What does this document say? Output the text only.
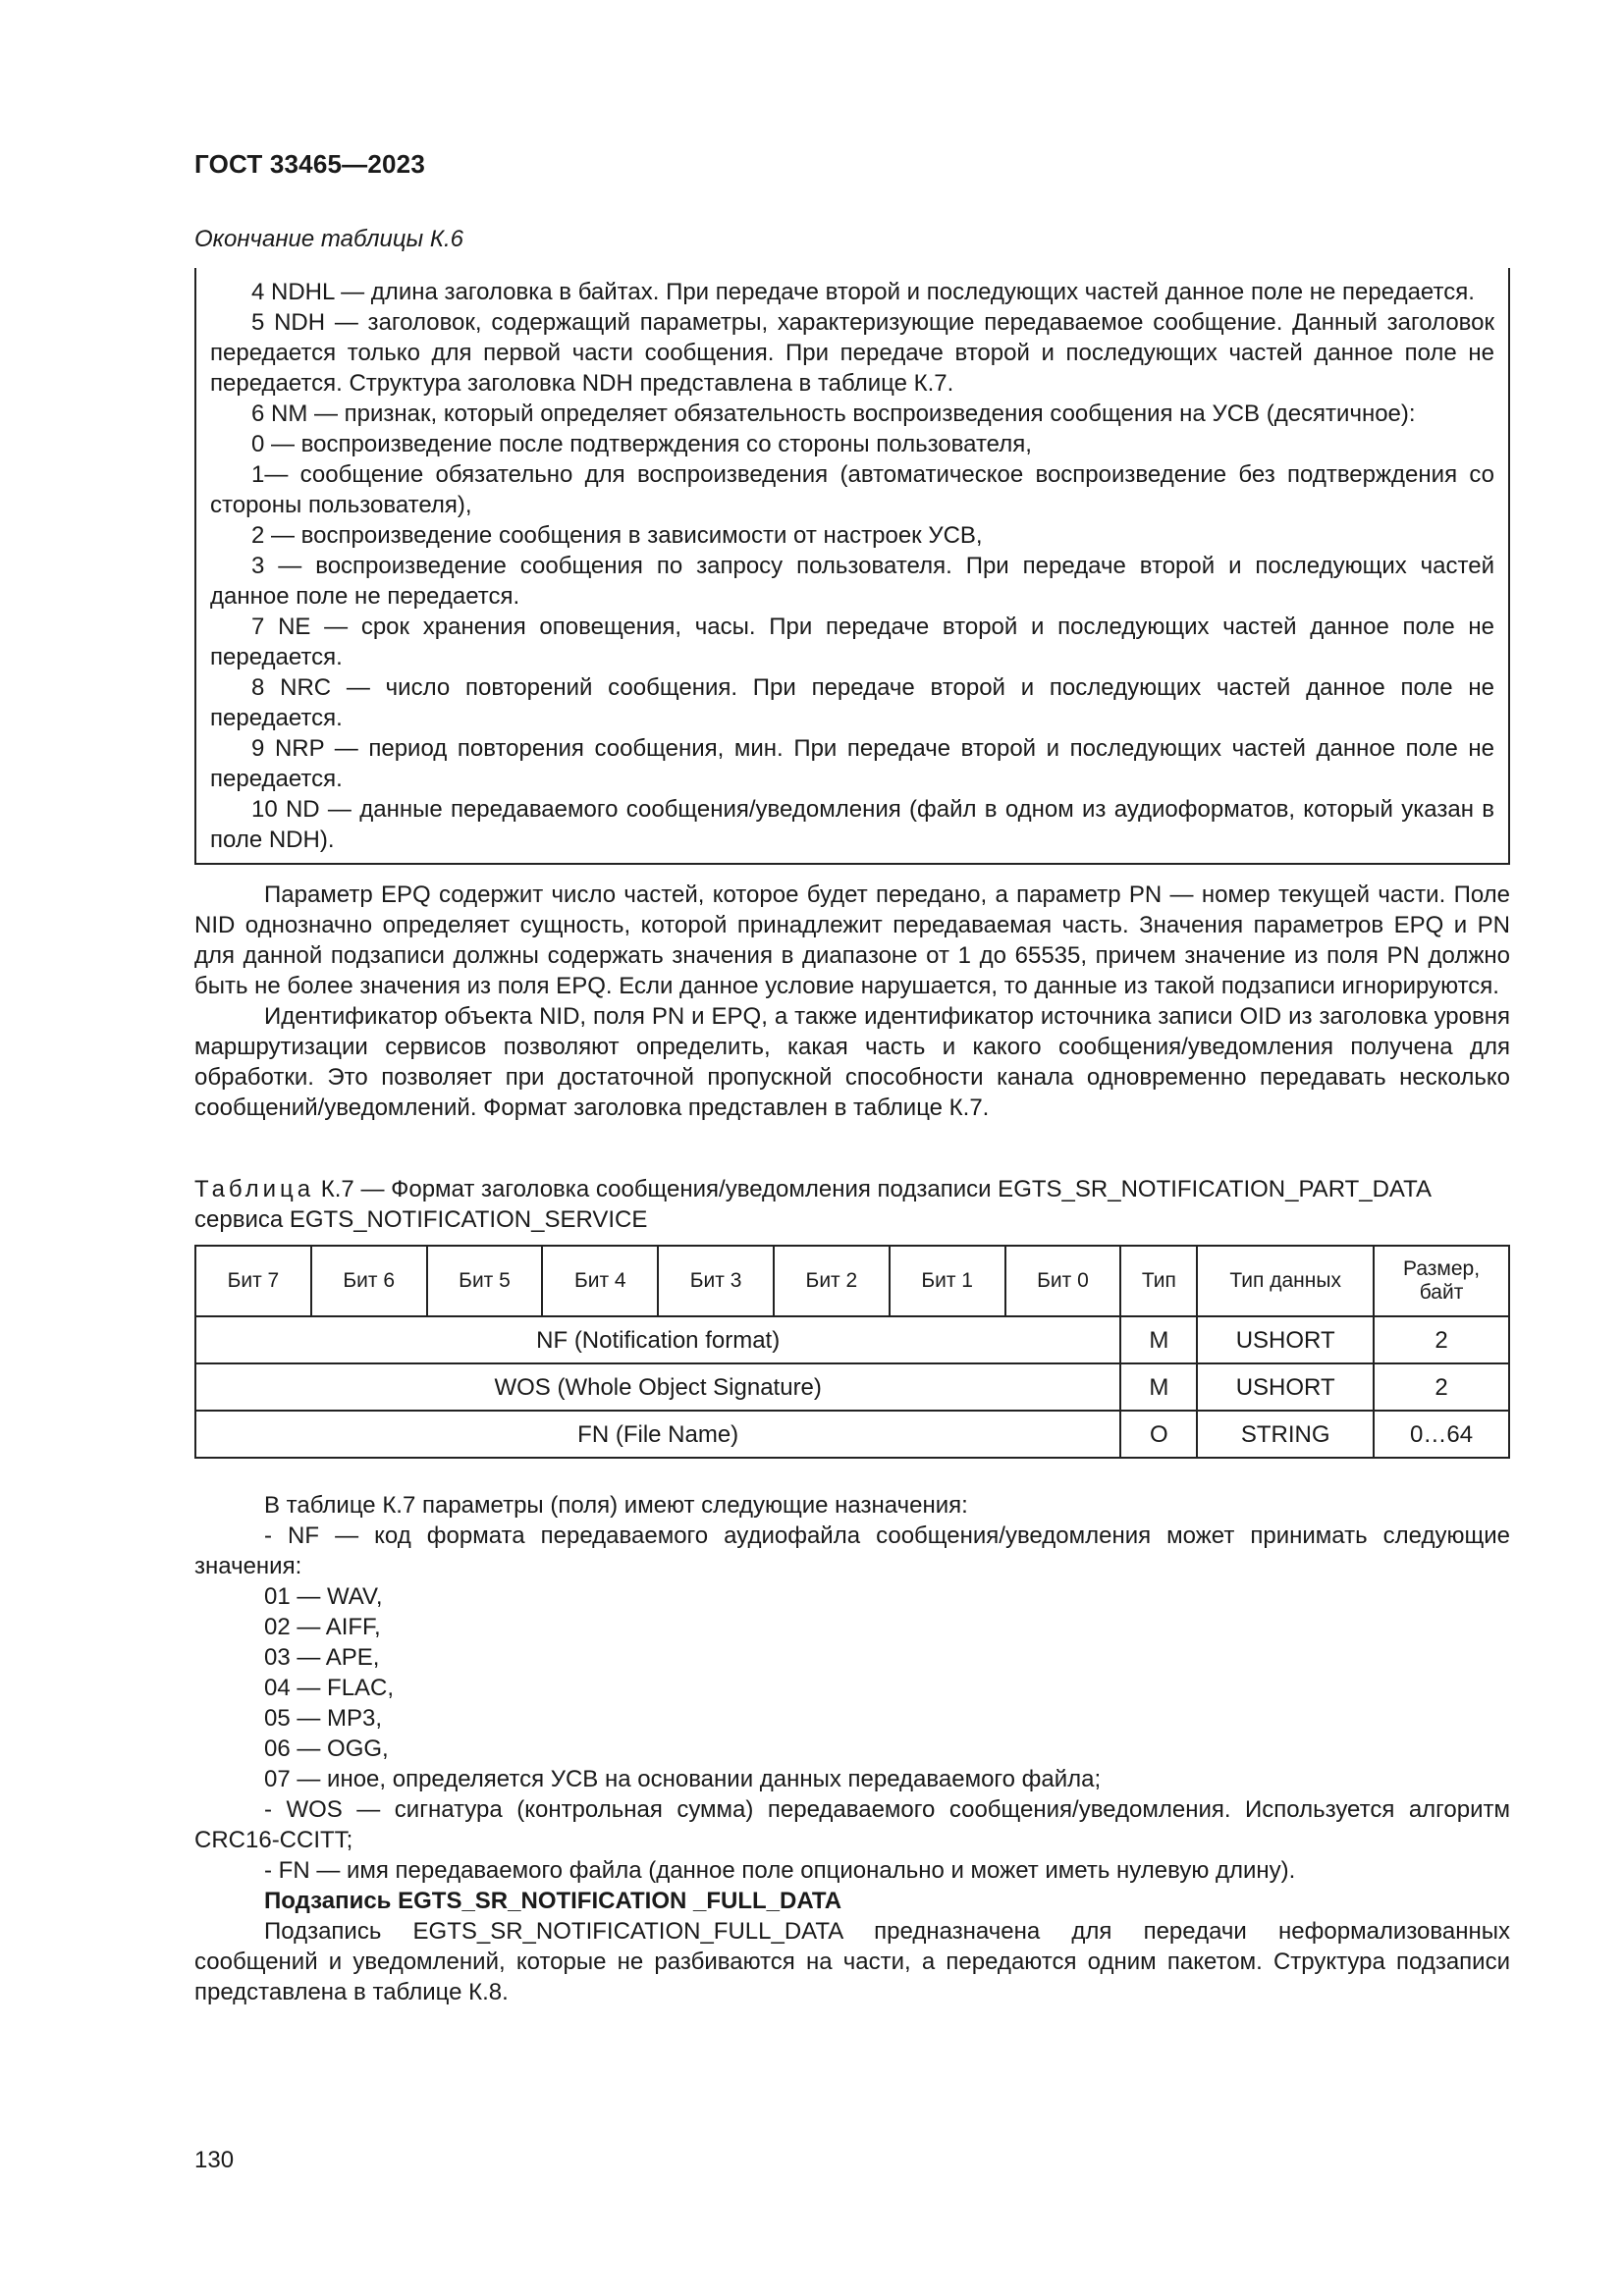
ГОСТ 33465—2023
Окончание таблицы К.6

4 NDHL — длина заголовка в байтах. При передаче второй и последующих частей данное поле не передается.

5 NDH — заголовок, содержащий параметры, характеризующие передаваемое сообщение. Данный заголовок передается только для первой части сообщения. При передаче второй и последующих частей данное поле не передается. Структура заголовка NDH представлена в таблице К.7.

6 NM — признак, который определяет обязательность воспроизведения сообщения на УСВ (десятичное):

0 — воспроизведение после подтверждения со стороны пользователя,

1— сообщение обязательно для воспроизведения (автоматическое воспроизведение без подтверждения со стороны пользователя),

2 — воспроизведение сообщения в зависимости от настроек УСВ,

3 — воспроизведение сообщения по запросу пользователя. При передаче второй и последующих частей данное поле не передается.

7 NE — срок хранения оповещения, часы. При передаче второй и последующих частей данное поле не передается.

8 NRC — число повторений сообщения. При передаче второй и последующих частей данное поле не передается.

9 NRP — период повторения сообщения, мин. При передаче второй и последующих частей данное поле не передается.

10 ND — данные передаваемого сообщения/уведомления (файл в одном из аудиоформатов, который указан в поле NDH).

Параметр EPQ содержит число частей, которое будет передано, а параметр PN — номер текущей части. Поле NID однозначно определяет сущность, которой принадлежит передаваемая часть. Значения параметров EPQ и PN для данной подзаписи должны содержать значения в диапазоне от 1 до 65535, причем значение из поля PN должно быть не более значения из поля EPQ. Если данное условие нарушается, то данные из такой подзаписи игнорируются.

Идентификатор объекта NID, поля PN и EPQ, а также идентификатор источника записи OID из заголовка уровня маршрутизации сервисов позволяют определить, какая часть и какого сообщения/уведомления получена для обработки. Это позволяет при достаточной пропускной способности канала одновременно передавать несколько сообщений/уведомлений. Формат заголовка представлен в таблице К.7.

Таблица К.7 — Формат заголовка сообщения/уведомления подзаписи EGTS_SR_NOTIFICATION_PART_DATA сервиса EGTS_NOTIFICATION_SERVICE
Бит 7	Бит 6	Бит 5	Бит 4	Бит 3	Бит 2	Бит 1	Бит 0	Тип	Тип данных	Размер, байт
NF (Notification format)								M	USHORT	2
WOS (Whole Object Signature)								M	USHORT	2
FN (File Name)								O	STRING	0…64

В таблице К.7 параметры (поля) имеют следующие назначения:

- NF — код формата передаваемого аудиофайла сообщения/уведомления может принимать следующие значения:

01 — WAV,

02 — AIFF,

03 — APE,

04 — FLAC,

05 — MP3,

06 — OGG,

07 — иное, определяется УСВ на основании данных передаваемого файла;

- WOS — сигнатура (контрольная сумма) передаваемого сообщения/уведомления. Используется алгоритм CRC16-CCITT;

- FN — имя передаваемого файла (данное поле опционально и может иметь нулевую длину).

Подзапись EGTS_SR_NOTIFICATION _FULL_DATA

Подзапись EGTS_SR_NOTIFICATION_FULL_DATA предназначена для передачи неформализованных сообщений и уведомлений, которые не разбиваются на части, а передаются одним пакетом. Структура подзаписи представлена в таблице К.8.

130
